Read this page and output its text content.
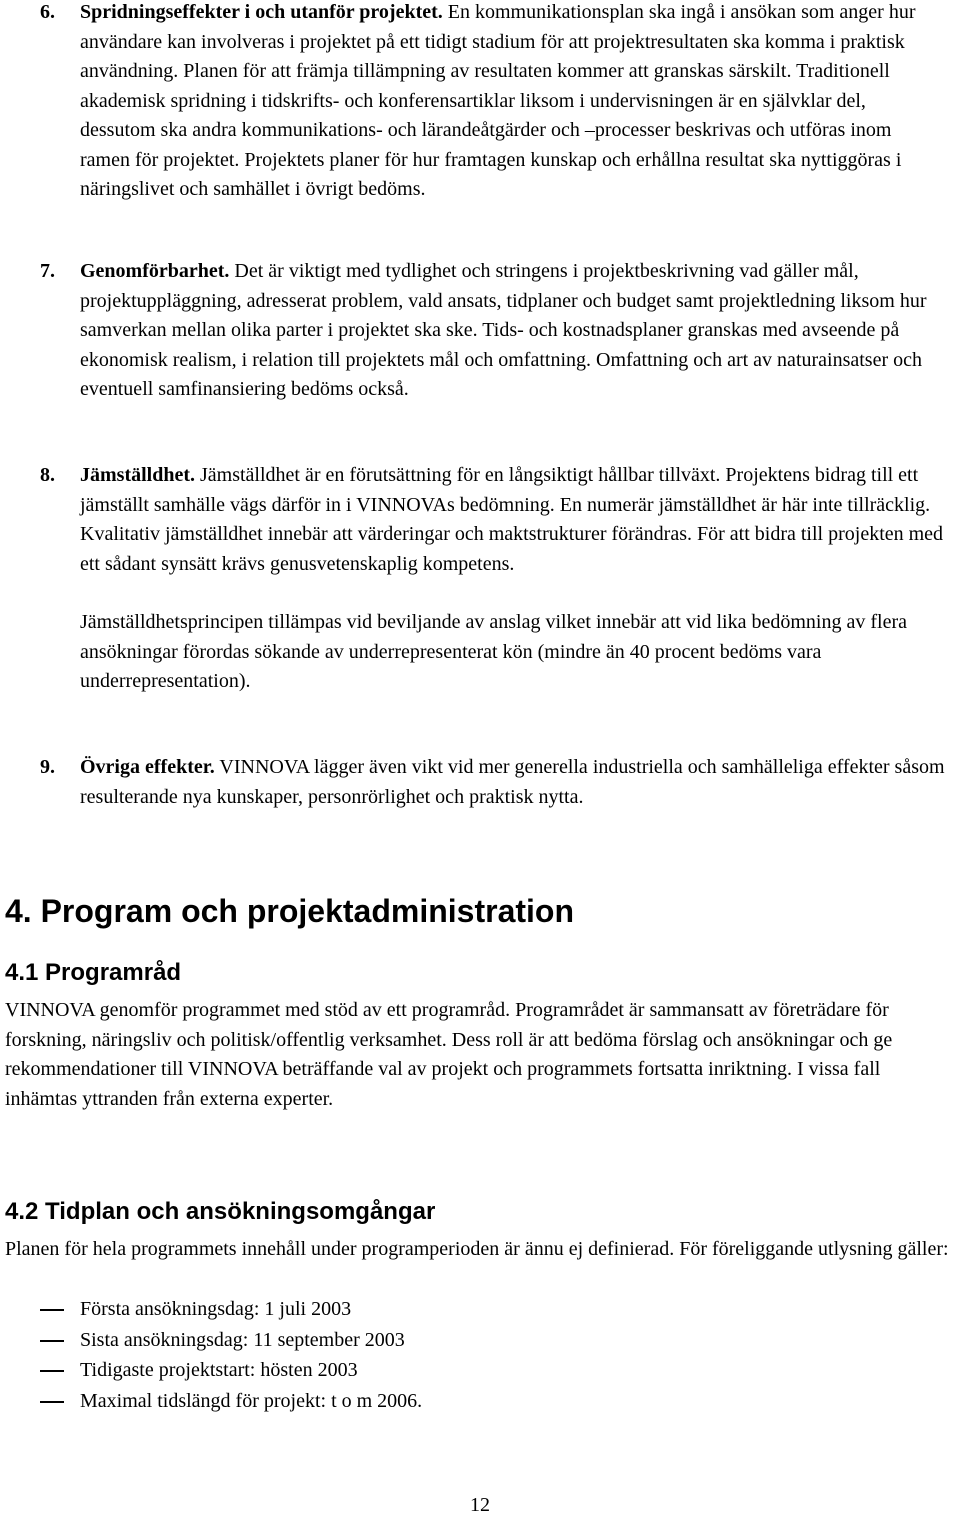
6. Spridningseffekter i och utanför projektet. En kommunikationsplan ska ingå i ansökan som anger hur användare kan involveras i projektet på ett tidigt stadium för att projektresultaten ska komma i praktisk användning. Planen för att främja tillämpning av resultaten kommer att granskas särskilt. Traditionell akademisk spridning i tidskrifts- och konferensartiklar liksom i undervisningen är en självklar del, dessutom ska andra kommunikations- och lärandeåtgärder och –processer beskrivas och utföras inom ramen för projektet. Projektets planer för hur framtagen kunskap och erhållna resultat ska nyttiggöras i näringslivet och samhället i övrigt bedöms.

7. Genomförbarhet. Det är viktigt med tydlighet och stringens i projektbeskrivning vad gäller mål, projektuppläggning, adresserat problem, vald ansats, tidplaner och budget samt projektledning liksom hur samverkan mellan olika parter i projektet ska ske. Tids- och kostnadsplaner granskas med avseende på ekonomisk realism, i relation till projektets mål och omfattning. Omfattning och art av naturainsatser och eventuell samfinansiering bedöms också.

8. Jämställdhet. Jämställdhet är en förutsättning för en långsiktigt hållbar tillväxt. Projektens bidrag till ett jämställt samhälle vägs därför in i VINNOVAs bedömning. En numerär jämställdhet är här inte tillräcklig. Kvalitativ jämställdhet innebär att värderingar och maktstrukturer förändras. För att bidra till projekten med ett sådant synsätt krävs genusvetenskaplig kompetens.

Jämställdhetsprincipen tillämpas vid beviljande av anslag vilket innebär att vid lika bedömning av flera ansökningar förordas sökande av underrepresenterat kön (mindre än 40 procent bedöms vara underrepresentation).

9. Övriga effekter. VINNOVA lägger även vikt vid mer generella industriella och samhälleliga effekter såsom resulterande nya kunskaper, personrörlighet och praktisk nytta.

4. Program och projektadministration
4.1 Programråd

VINNOVA genomför programmet med stöd av ett programråd. Programrådet är sammansatt av företrädare för forskning, näringsliv och politisk/offentlig verksamhet. Dess roll är att bedöma förslag och ansökningar och ge rekommendationer till VINNOVA beträffande val av projekt och programmets fortsatta inriktning. I vissa fall inhämtas yttranden från externa experter.

4.2 Tidplan och ansökningsomgångar

Planen för hela programmets innehåll under programperioden är ännu ej definierad. För föreliggande utlysning gäller:

Första ansökningsdag: 1 juli 2003
Sista ansökningsdag: 11 september 2003
Tidigaste projektstart: hösten 2003
Maximal tidslängd för projekt: t o m 2006.
12
